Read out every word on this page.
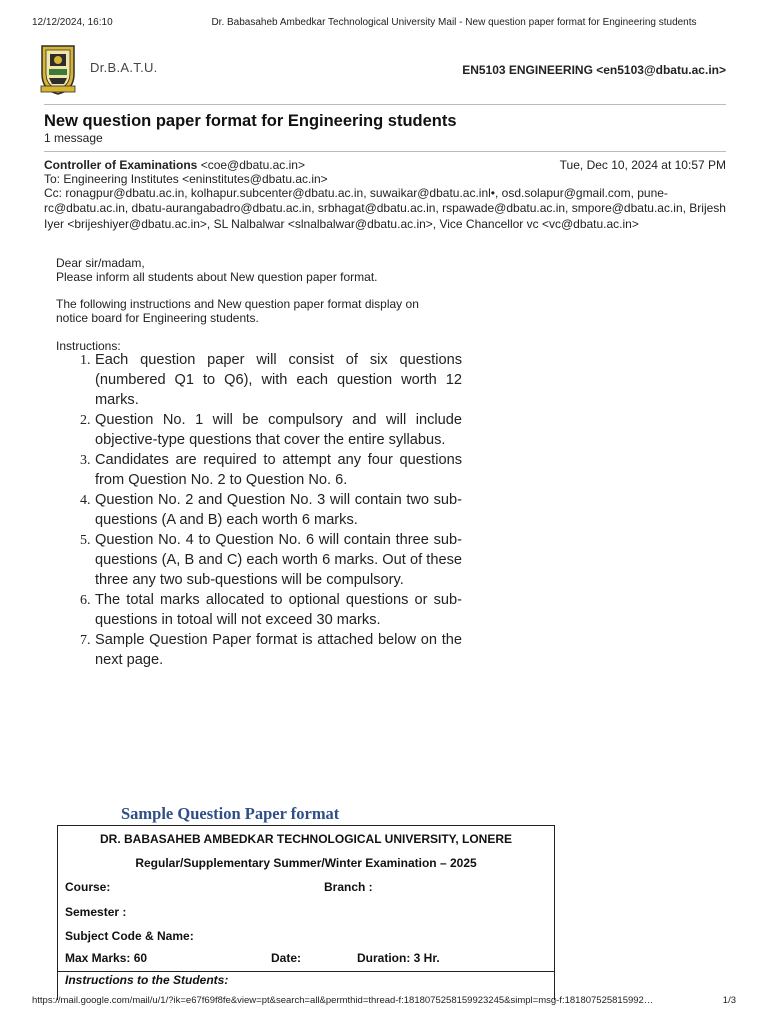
12/12/2024, 16:10	Dr. Babasaheb Ambedkar Technological University Mail - New question paper format for Engineering students
Dr.B.A.T.U.	EN5103 ENGINEERING <en5103@dbatu.ac.in>
New question paper format for Engineering students
1 message
Controller of Examinations <coe@dbatu.ac.in>	Tue, Dec 10, 2024 at 10:57 PM
To: Engineering Institutes <eninstitutes@dbatu.ac.in>
Cc: ronagpur@dbatu.ac.in, kolhapur.subcenter@dbatu.ac.in, suwaikar@dbatu.ac.inl•, osd.solapur@gmail.com, pune-rc@dbatu.ac.in, dbatu-aurangabadro@dbatu.ac.in, srbhagat@dbatu.ac.in, rspawade@dbatu.ac.in, smpore@dbatu.ac.in, Brijesh Iyer <brijeshiyer@dbatu.ac.in>, SL Nalbalwar <slnalbalwar@dbatu.ac.in>, Vice Chancellor vc <vc@dbatu.ac.in>
Dear sir/madam,
Please inform all students about New question paper format.
The following instructions and New question paper format display on notice board for Engineering students.
Instructions:
1. Each question paper will consist of six questions (numbered Q1 to Q6), with each question worth 12 marks.
2. Question No. 1 will be compulsory and will include objective-type questions that cover the entire syllabus.
3. Candidates are required to attempt any four questions from Question No. 2 to Question No. 6.
4. Question No. 2 and Question No. 3 will contain two sub-questions (A and B) each worth 6 marks.
5. Question No. 4 to Question No. 6 will contain three sub-questions (A, B and C) each worth 6 marks. Out of these three any two sub-questions will be compulsory.
6. The total marks allocated to optional questions or sub-questions in totoal will not exceed 30 marks.
7. Sample Question Paper format is attached below on the next page.
Sample Question Paper format
DR. BABASAHEB AMBEDKAR TECHNOLOGICAL UNIVERSITY, LONERE
Regular/Supplementary Summer/Winter Examination – 2025
Course:	Branch :
Semester :
Subject Code & Name:
Max Marks: 60	Date:	Duration: 3 Hr.
Instructions to the Students:
https://mail.google.com/mail/u/1/?ik=e67f69f8fe&view=pt&search=all&permthid=thread-f:1818075258159923245&simpl=msg-f:181807525815992…	1/3
